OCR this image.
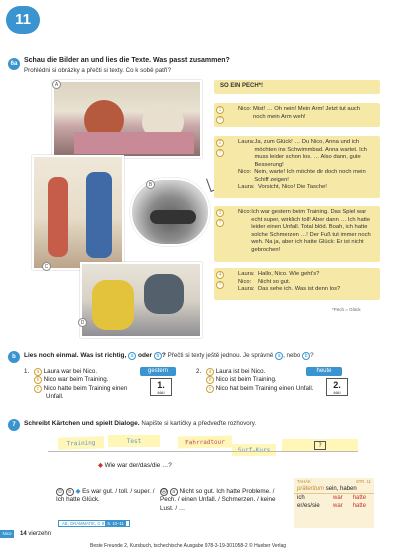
11
6a Schau die Bilder an und lies die Texte. Was passt zusammen?
Prohlédni si obrázky a přečti si texty. Co k sobě patří?
A
B
C
D
SO EIN PECH*!
1
?
Nico: Mist! … Oh nein! Mein Arm! Jetzt tut auch noch mein Arm weh!
2
?
Laura: Ja, zum Glück! … Du Nico, Anna und ich möchten ins Schwimmbad. Anna wartet. Ich muss leider schon los. … Also dann, gute Besserung!
Nico: Nein, warte! Ich möchte dir doch noch mein Schiff zeigen!
Laura: Vorsicht, Nico! Die Tasche!
3
?
Nico: Ich war gestern beim Training. Das Spiel war echt super, wirklich toll! Aber dann … Ich hatte leider einen Unfall. Total blöd. Boah, ich hatte solche Schmerzen …! Der Fuß tut immer noch weh. Na ja, aber ich hatte Glück: Er ist nicht gebrochen!
4
?
Laura: Hallo, Nico. Wie geht's?
Nico:	Nicht so gut.
Laura: Das sehe ich. Was ist denn los?
*Pech = Glück
b	Lies noch einmal. Was ist richtig, a oder b ? Přečti si texty ještě jednou. Je správně a , nebo b ?
1. a Laura war bei Nico.
b Nico war beim Training.
c Nico hatte beim Training einen Unfall.
gestern
1.
MAI
2. a Laura ist bei Nico.
b Nico ist beim Training.
c Nico hat beim Training einen Unfall.
heute
2.
MAI
7	Schreibt Kärtchen und spielt Dialoge. Napište si kartičky a předveďte rozhovory.
Training	Test	Fahrradtour
Surf-Kurs
?
◆ Wie war der/das/die …?
☺ b ◆ Es war gut. / toll. / super. / Ich hatte Glück.
☹ a Nicht so gut. Ich hatte Probleme. / Pech. / einen Unfall. / Schmerzen. / keine Lust. / …
AB, GRAMMATIK, G 9 S. 10–11
TAHÁK	STR. 11
präteritum sein, haben
ich	war	hatte
er/es/sie	war	hatte
Nico	14 vierzehn
Beste Freunde 2, Kursbuch, tschechische Ausgabe 978-3-19-301058-2 © Hueber Verlag
